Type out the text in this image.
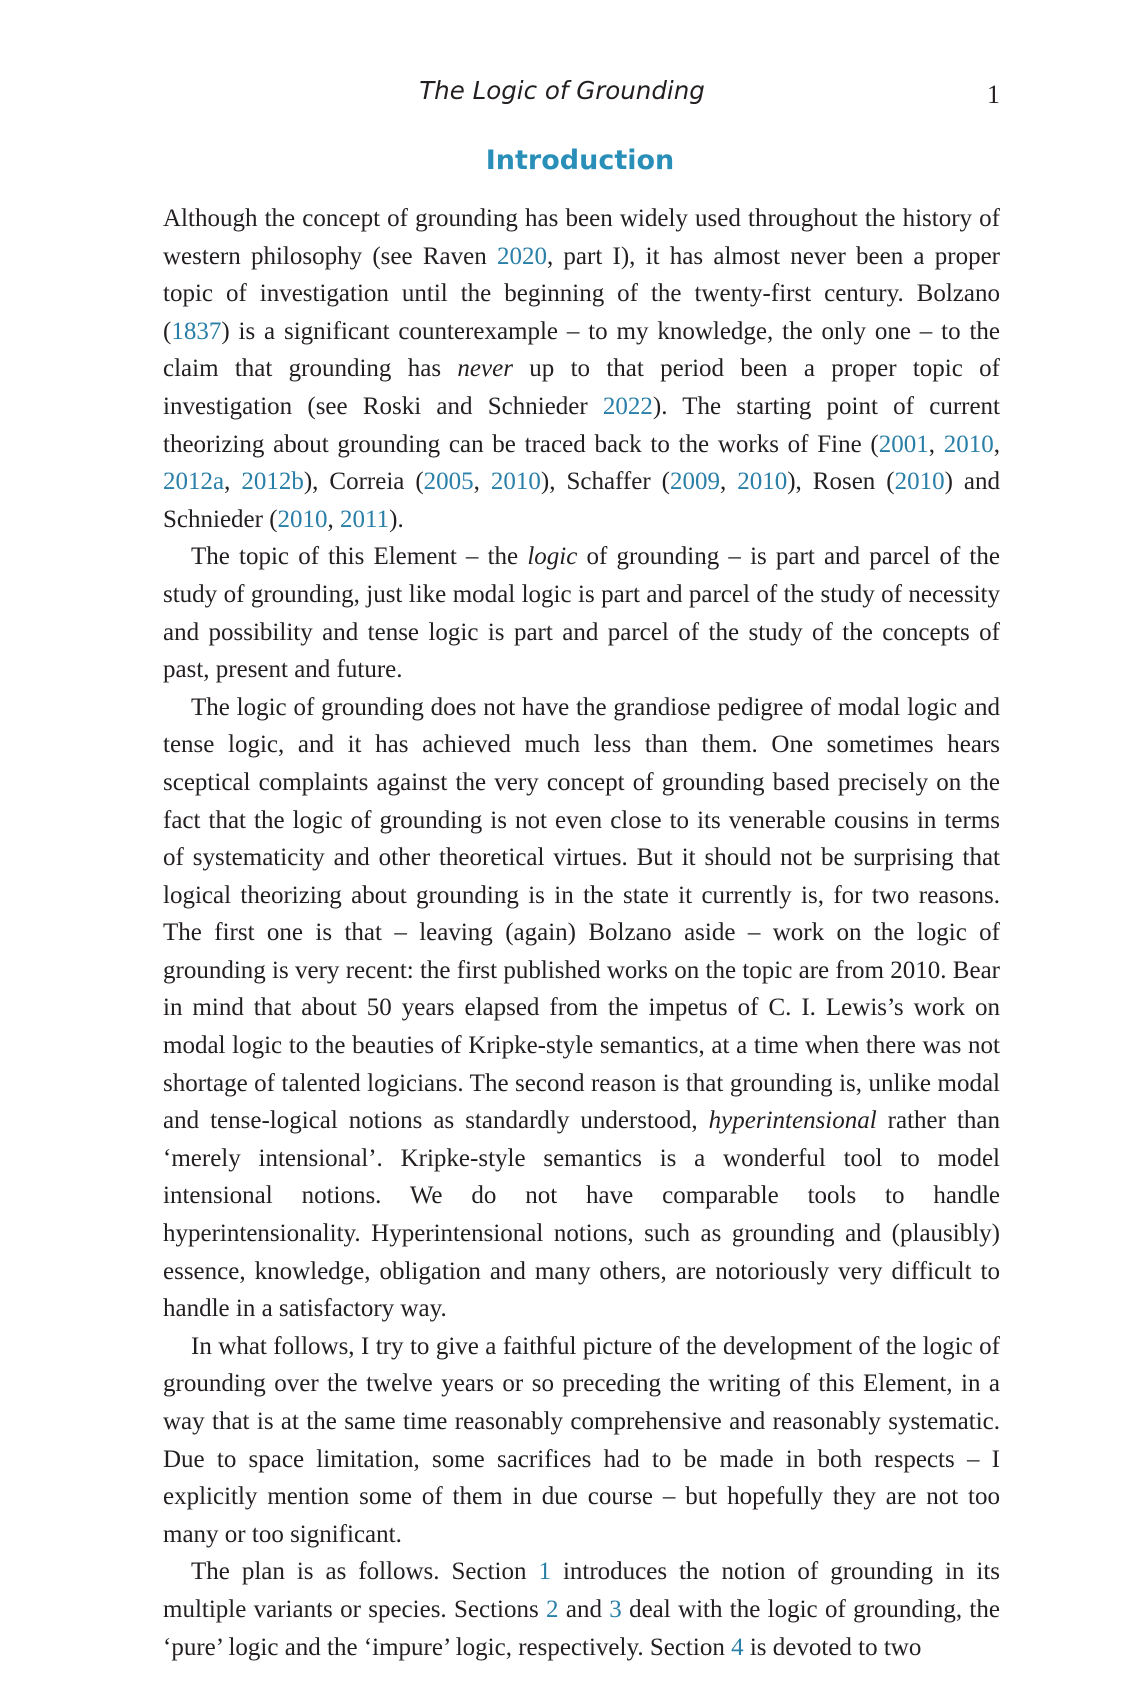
The Logic of Grounding	1
Introduction

Although the concept of grounding has been widely used throughout the history of western philosophy (see Raven 2020, part I), it has almost never been a proper topic of investigation until the beginning of the twenty-first century. Bolzano (1837) is a significant counterexample – to my knowledge, the only one – to the claim that grounding has never up to that period been a proper topic of investigation (see Roski and Schnieder 2022). The starting point of current theorizing about grounding can be traced back to the works of Fine (2001, 2010, 2012a, 2012b), Correia (2005, 2010), Schaffer (2009, 2010), Rosen (2010) and Schnieder (2010, 2011).

The topic of this Element – the logic of grounding – is part and parcel of the study of grounding, just like modal logic is part and parcel of the study of necessity and possibility and tense logic is part and parcel of the study of the concepts of past, present and future.

The logic of grounding does not have the grandiose pedigree of modal logic and tense logic, and it has achieved much less than them. One sometimes hears sceptical complaints against the very concept of grounding based precisely on the fact that the logic of grounding is not even close to its venerable cousins in terms of systematicity and other theoretical virtues. But it should not be surprising that logical theorizing about grounding is in the state it currently is, for two reasons. The first one is that – leaving (again) Bolzano aside – work on the logic of grounding is very recent: the first published works on the topic are from 2010. Bear in mind that about 50 years elapsed from the impetus of C. I. Lewis’s work on modal logic to the beauties of Kripke-style semantics, at a time when there was not shortage of talented logicians. The second reason is that grounding is, unlike modal and tense-logical notions as standardly understood, hyperintensional rather than ‘merely intensional’. Kripke-style semantics is a wonderful tool to model intensional notions. We do not have comparable tools to handle hyperintensionality. Hyperintensional notions, such as grounding and (plausibly) essence, knowledge, obligation and many others, are notoriously very difficult to handle in a satisfactory way.

In what follows, I try to give a faithful picture of the development of the logic of grounding over the twelve years or so preceding the writing of this Element, in a way that is at the same time reasonably comprehensive and reasonably systematic. Due to space limitation, some sacrifices had to be made in both respects – I explicitly mention some of them in due course – but hopefully they are not too many or too significant.

The plan is as follows. Section 1 introduces the notion of grounding in its multiple variants or species. Sections 2 and 3 deal with the logic of grounding, the ‘pure’ logic and the ‘impure’ logic, respectively. Section 4 is devoted to two
